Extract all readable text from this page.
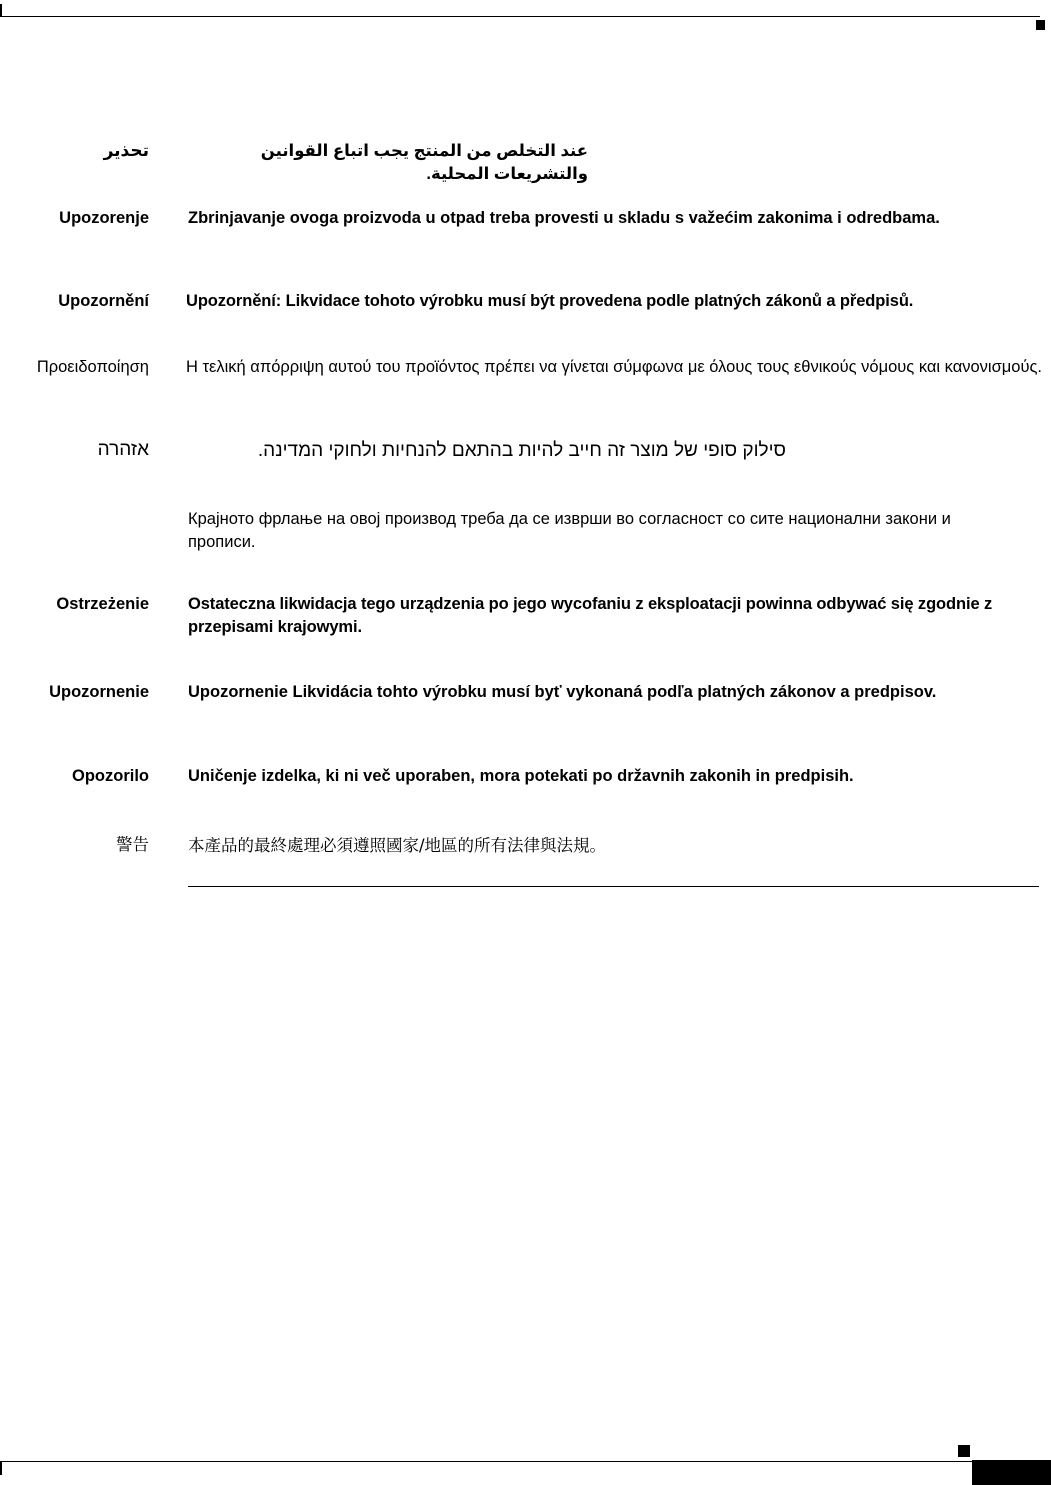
تحذير	عند التخلص من المنتج يجب اتباع القوانين والتشريعات المحلية.
Upozorenje Zbrinjavanje ovoga proizvoda u otpad treba provesti u skladu s važećim zakonima i odredbama.
Upozornění Upozornění: Likvidace tohoto výrobku musí být provedena podle platných zákonů a předpisů.
Προειδοποίηση Η τελική απόρριψη αυτού του προϊόντος πρέπει να γίνεται σύμφωνα με όλους τους εθνικούς νόμους και κανονισμούς.
אזהרה	סילוק סופי של מוצר זה חייב להיות בהתאם להנחיות ולחוקי המדינה.
Крајното фрлање на овој производ треба да се изврши во согласност со сите национални закони и прописи.
Ostrzeżenie Ostateczna likwidacja tego urządzenia po jego wycofaniu z eksploatacji powinna odbywać się zgodnie z przepisami krajowymi.
Upozornenie Upozornenie Likvidácia tohto výrobku musí byť vykonaná podľa platných zákonov a predpisov.
Opozorilo Uničenje izdelka, ki ni več uporaben, mora potekati po državnih zakonih in predpisih.
警告 本產品的最終處理必須遵照國家/地區的所有法律與法規。
